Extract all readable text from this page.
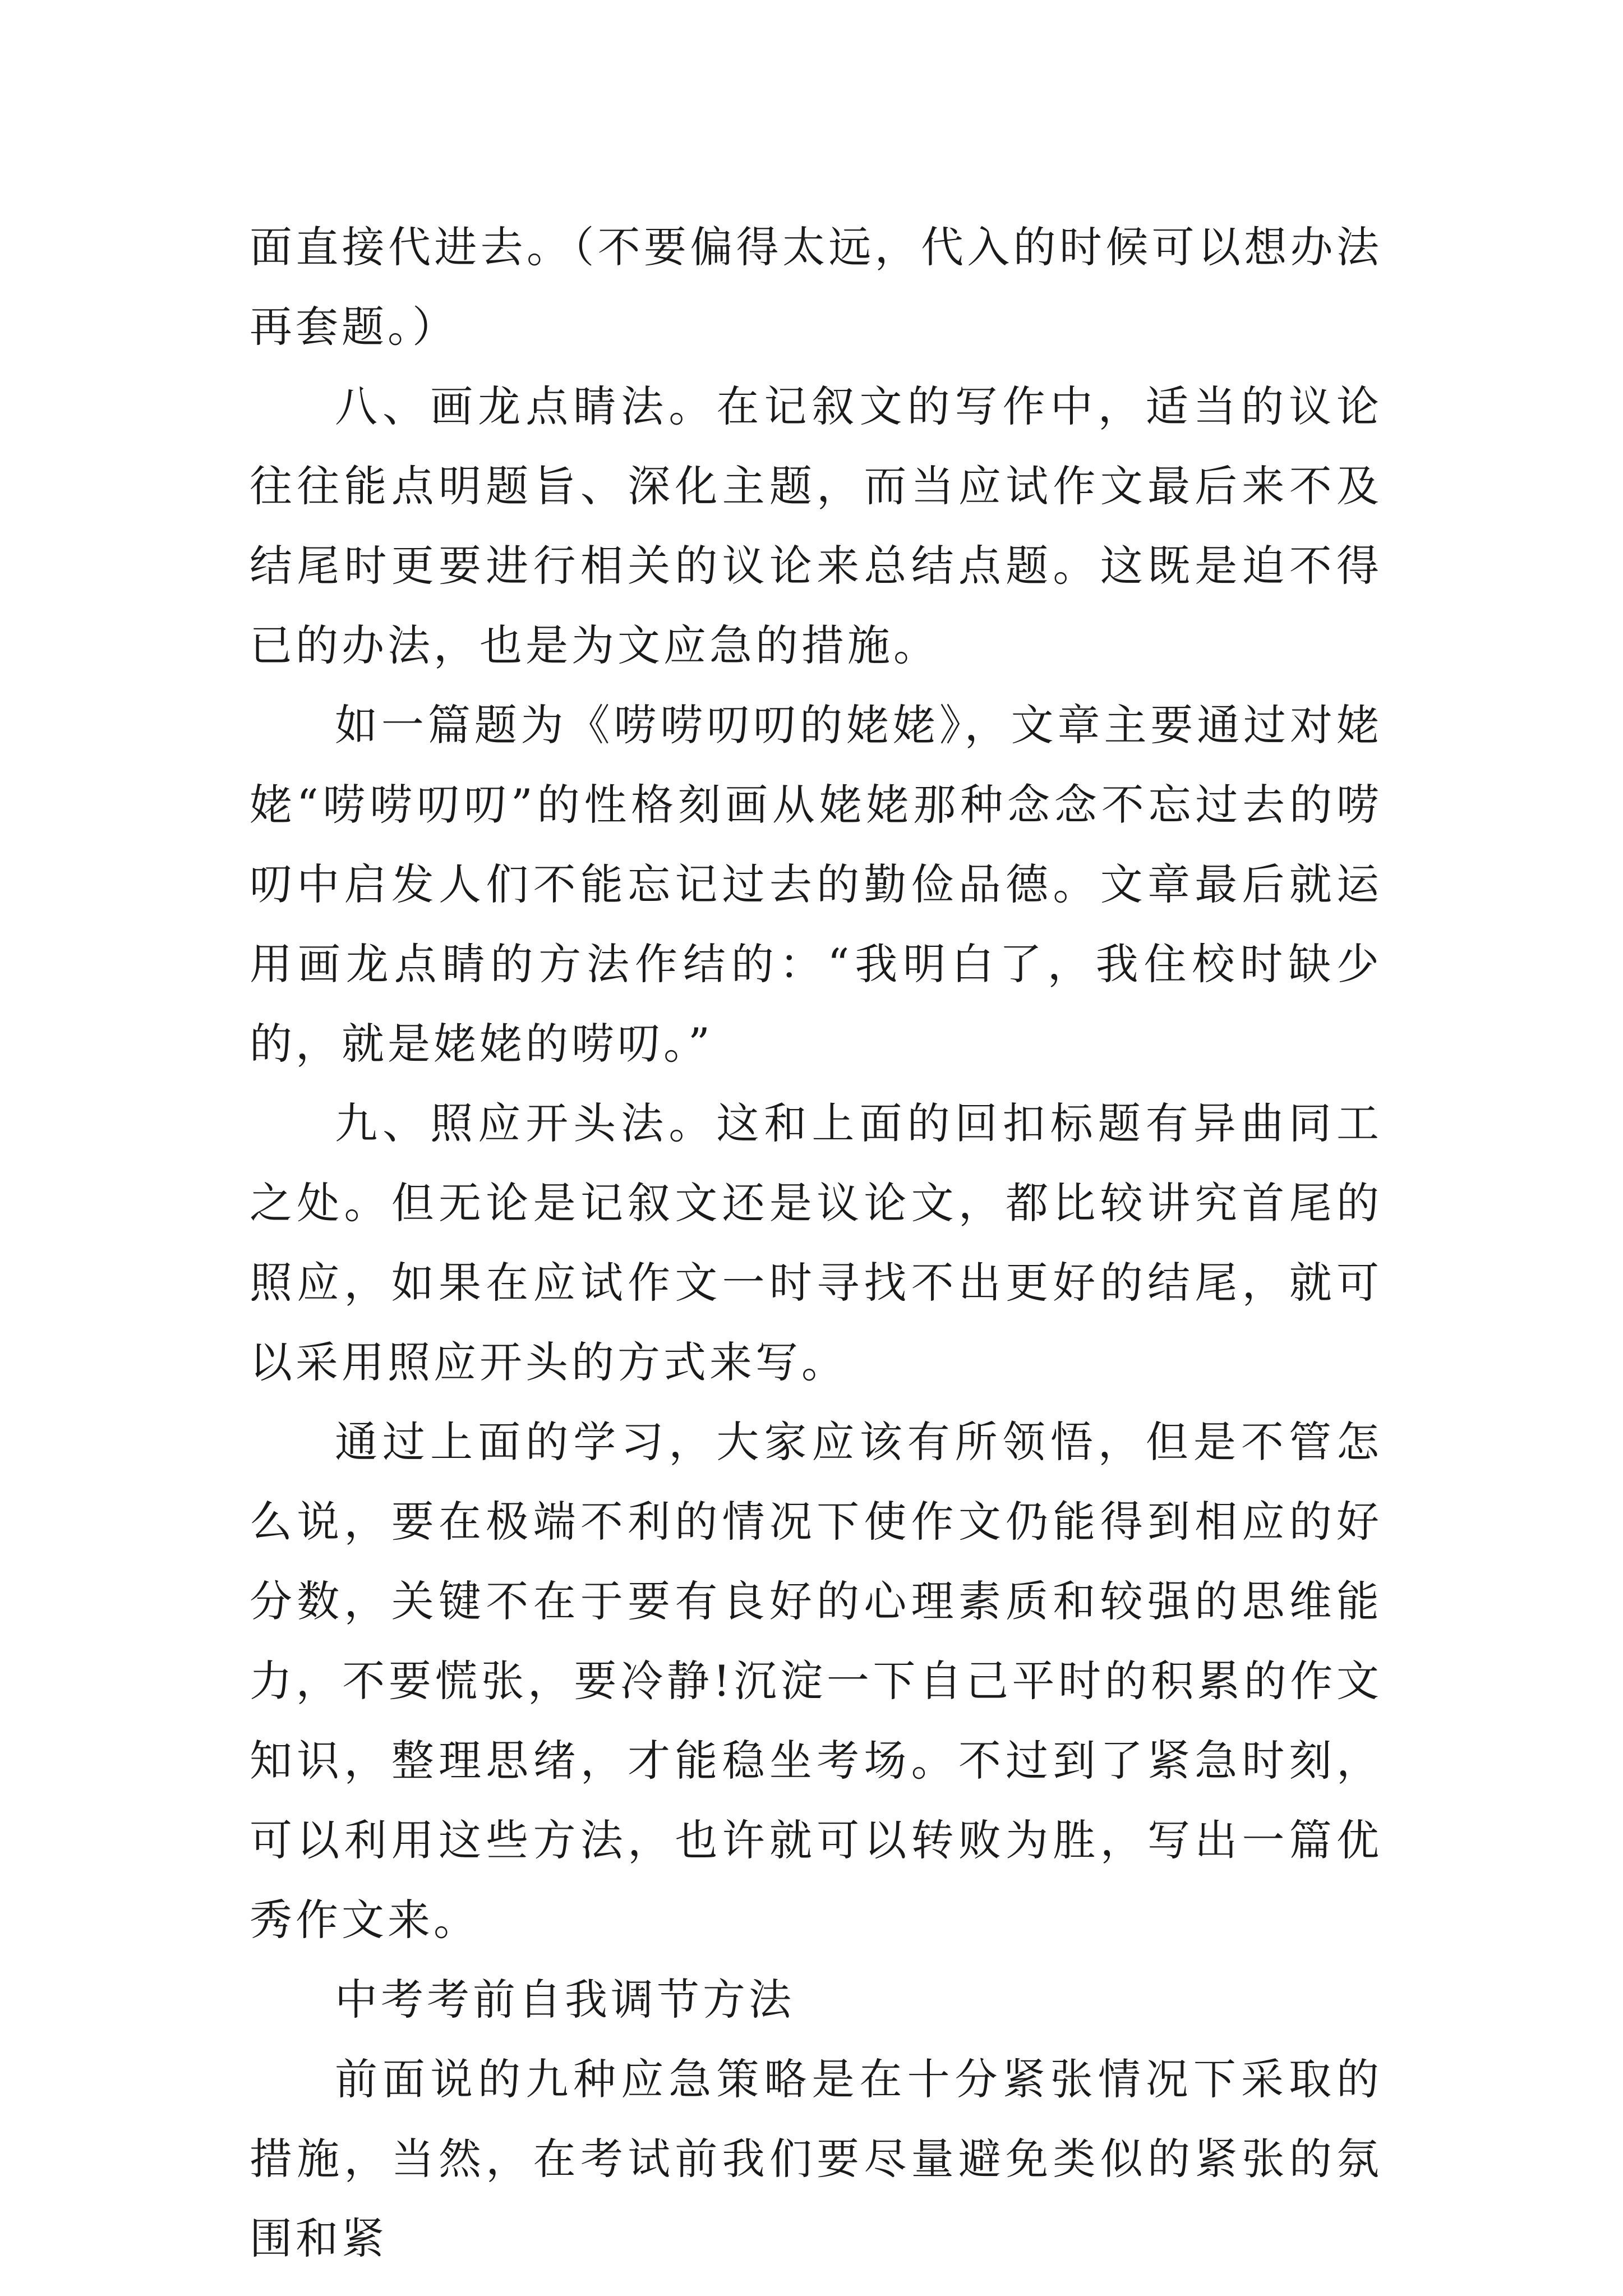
面直接代进去。（不要偏得太远，代入的时候可以想办法再套题。）

八、画龙点睛法。在记叙文的写作中，适当的议论往往能点明题旨、深化主题，而当应试作文最后来不及结尾时更要进行相关的议论来总结点题。这既是迫不得已的办法，也是为文应急的措施。

如一篇题为《唠唠叨叨的姥姥》，文章主要通过对姥姥“唠唠叨叨”的性格刻画从姥姥那种念念不忘过去的唠叨中启发人们不能忘记过去的勤俭品德。文章最后就运用画龙点睛的方法作结的：“我明白了，我住校时缺少的，就是姥姥的唠叨。”

九、照应开头法。这和上面的回扣标题有异曲同工之处。但无论是记叙文还是议论文，都比较讲究首尾的照应，如果在应试作文一时寻找不出更好的结尾，就可以采用照应开头的方式来写。

通过上面的学习，大家应该有所领悟，但是不管怎么说，要在极端不利的情况下使作文仍能得到相应的好分数，关键不在于要有良好的心理素质和较强的思维能力，不要慌张，要冷静!沉淀一下自己平时的积累的作文知识，整理思绪，才能稳坐考场。不过到了紧急时刻，可以利用这些方法，也许就可以转败为胜，写出一篇优秀作文来。

中考考前自我调节方法

前面说的九种应急策略是在十分紧张情况下采取的措施，当然，在考试前我们要尽量避免类似的紧张的氛围和紧
